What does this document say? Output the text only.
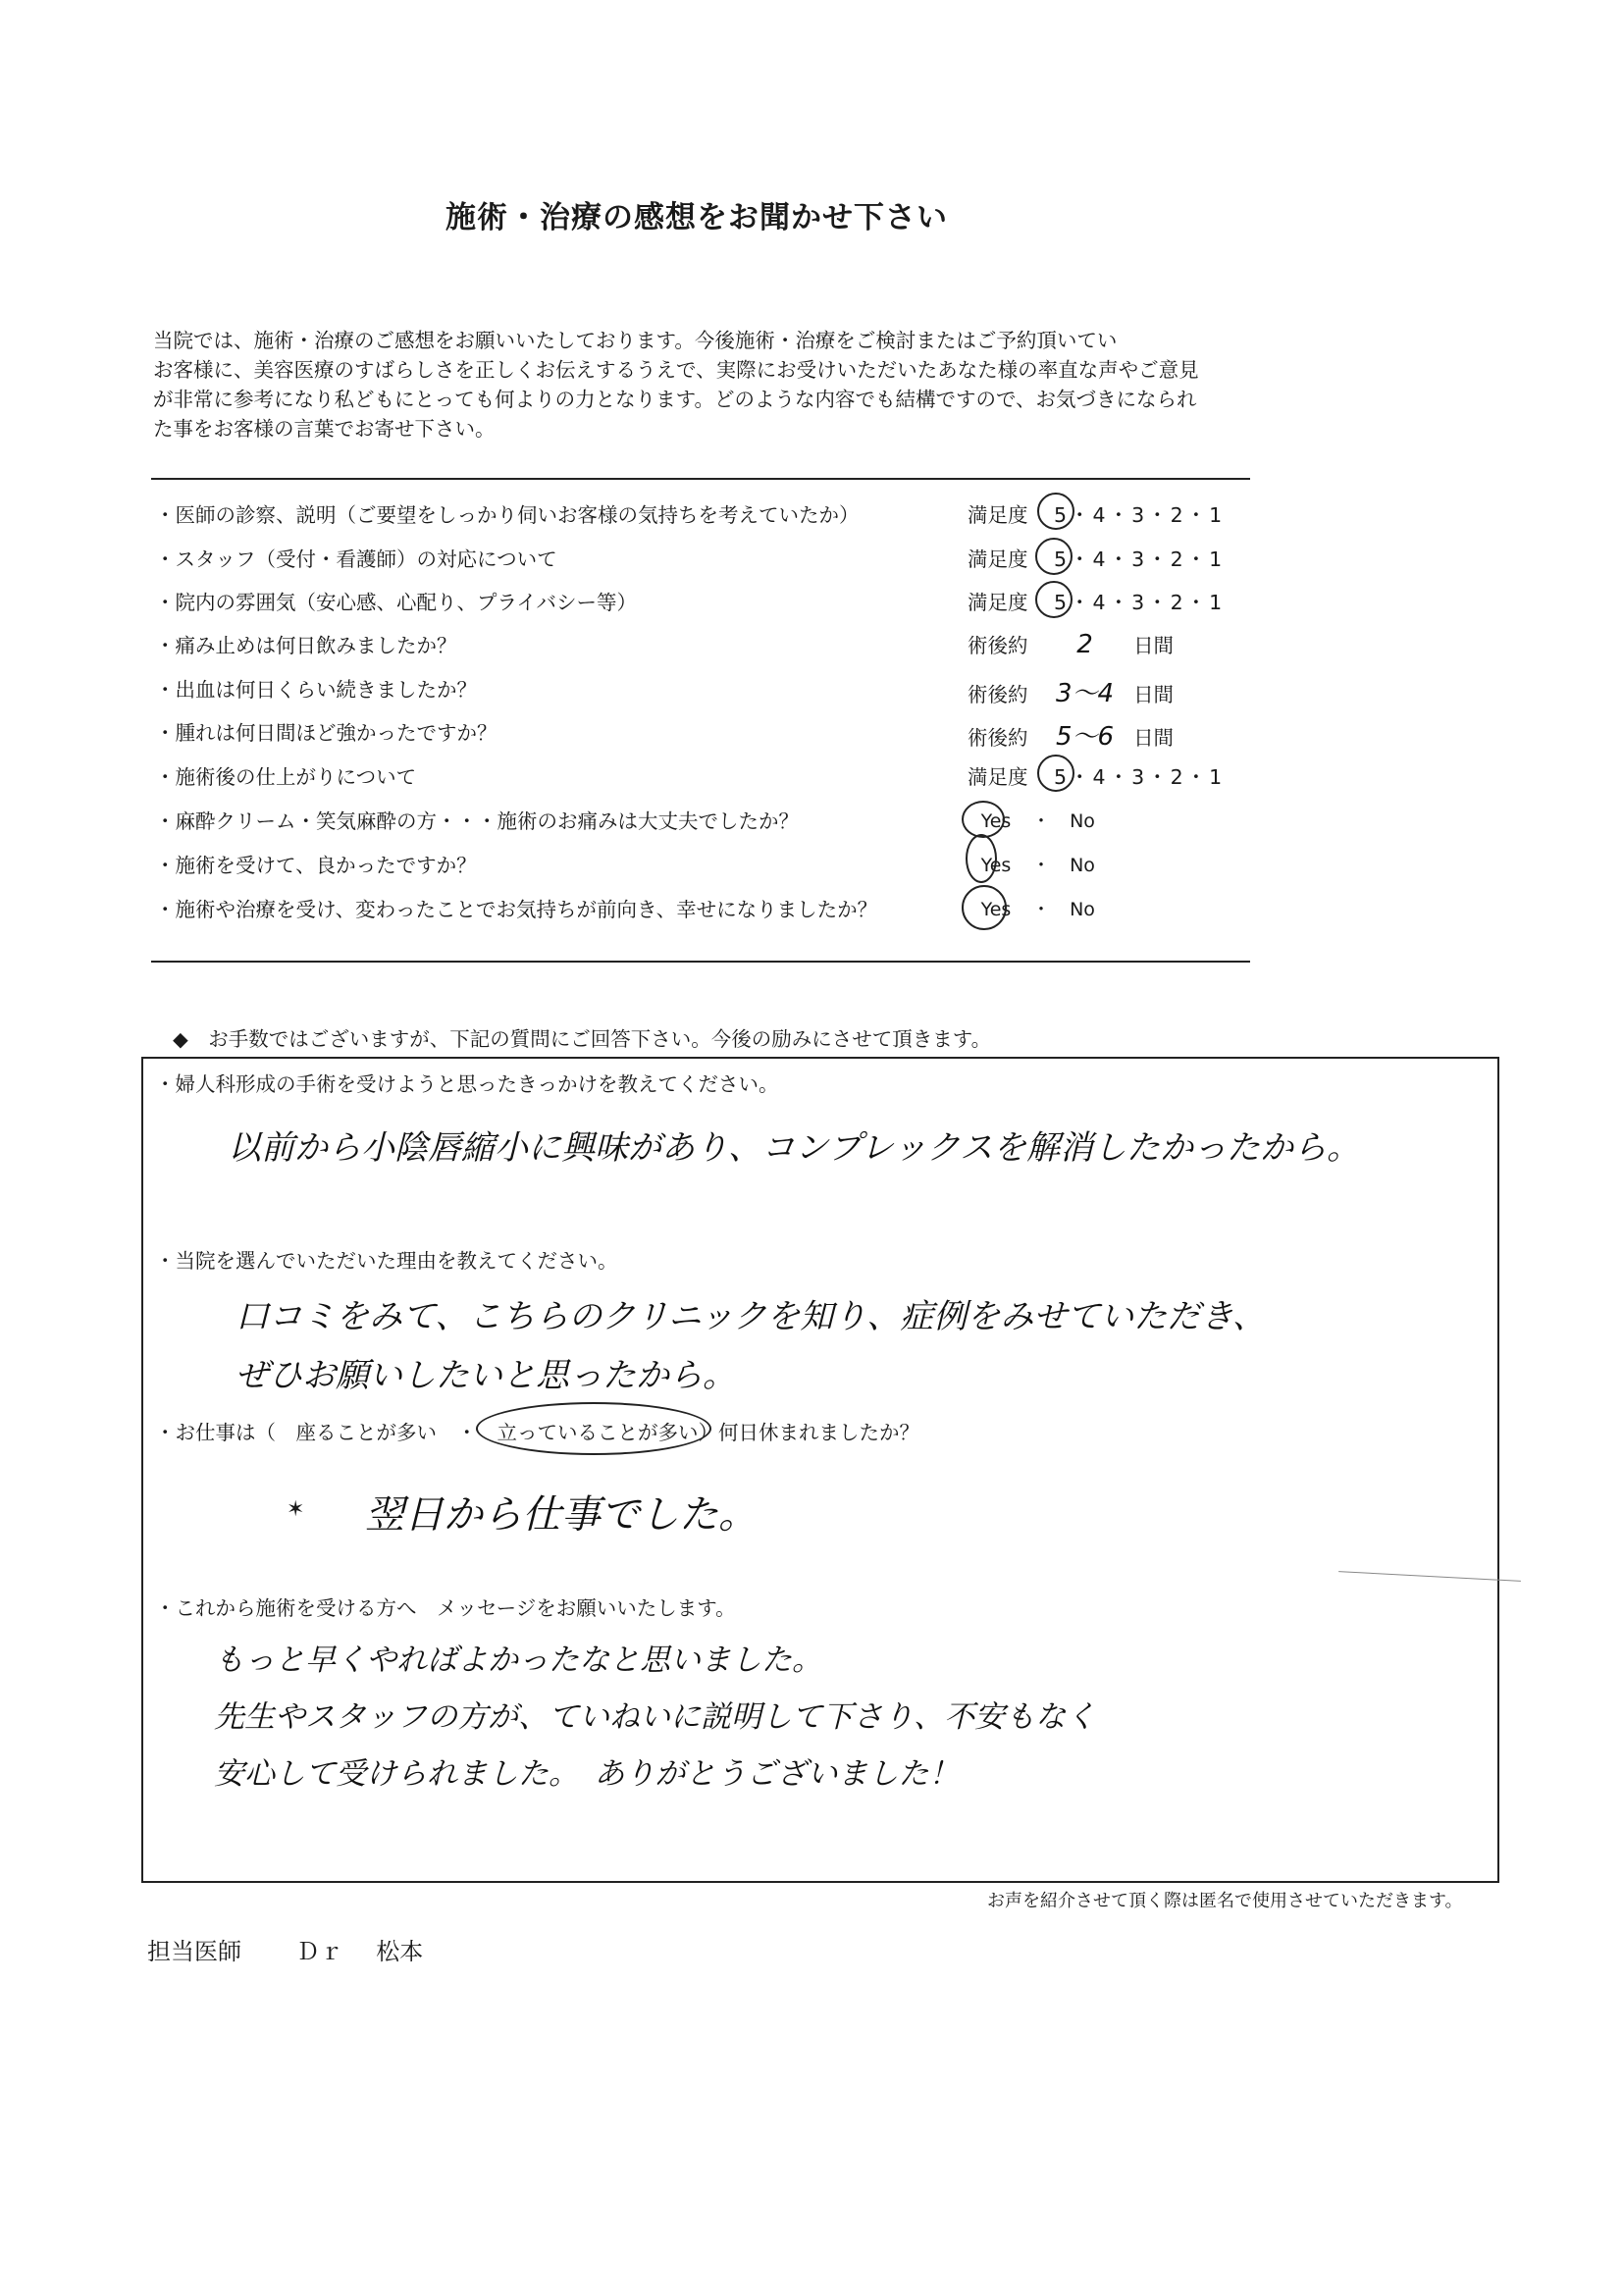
施術・治療の感想をお聞かせ下さい
当院では、施術・治療のご感想をお願いいたしております。今後施術・治療をご検討またはご予約頂いてい
お客様に、美容医療のすばらしさを正しくお伝えするうえで、実際にお受けいただいたあなた様の率直な声やご意見
が非常に参考になり私どもにとっても何よりの力となります。どのような内容でも結構ですので、お気づきになられ
た事をお客様の言葉でお寄せ下さい。
・医師の診察、説明（ご要望をしっかり伺いお客様の気持ちを考えていたか）	満足度 5・4・3・2・1
・スタッフ（受付・看護師）の対応について	満足度 5・4・3・2・1
・院内の雰囲気（安心感、心配り、プライバシー等）	満足度 5・4・3・2・1
・痛み止めは何日飲みましたか？	術後約 2 日間
・出血は何日くらい続きましたか？	術後約 3〜4 日間
・腫れは何日間ほど強かったですか？	術後約 5〜6 日間
・施術後の仕上がりについて	満足度 5・4・3・2・1
・麻酔クリーム・笑気麻酔の方・・・施術のお痛みは大丈夫でしたか？	Yes ・ No
・施術を受けて、良かったですか？	Yes ・ No
・施術や治療を受け、変わったことでお気持ちが前向き、幸せになりましたか？	Yes ・ No
◆　お手数ではございますが、下記の質問にご回答下さい。今後の励みにさせて頂きます。
・婦人科形成の手術を受けようと思ったきっかけを教えてください。
以前から小陰唇縮小に興味があり、コンプレックスを解消したかったから。
・当院を選んでいただいた理由を教えてください。
口コミをみて、こちらのクリニックを知り、症例をみせていただき、
ぜひお願いしたいと思ったから。
・お仕事は（　座ることが多い　・　立っていることが多い
）何日休まれましたか？
✶ 翌日から仕事でした。
・これから施術を受ける方へ　メッセージをお願いいたします。
もっと早くやればよかったなと思いました。
先生やスタッフの方が、ていねいに説明して下さり、不安もなく
安心して受けられました。　ありがとうございました！
お声を紹介させて頂く際は匿名で使用させていただきます。
担当医師 Ｄｒ 松本
